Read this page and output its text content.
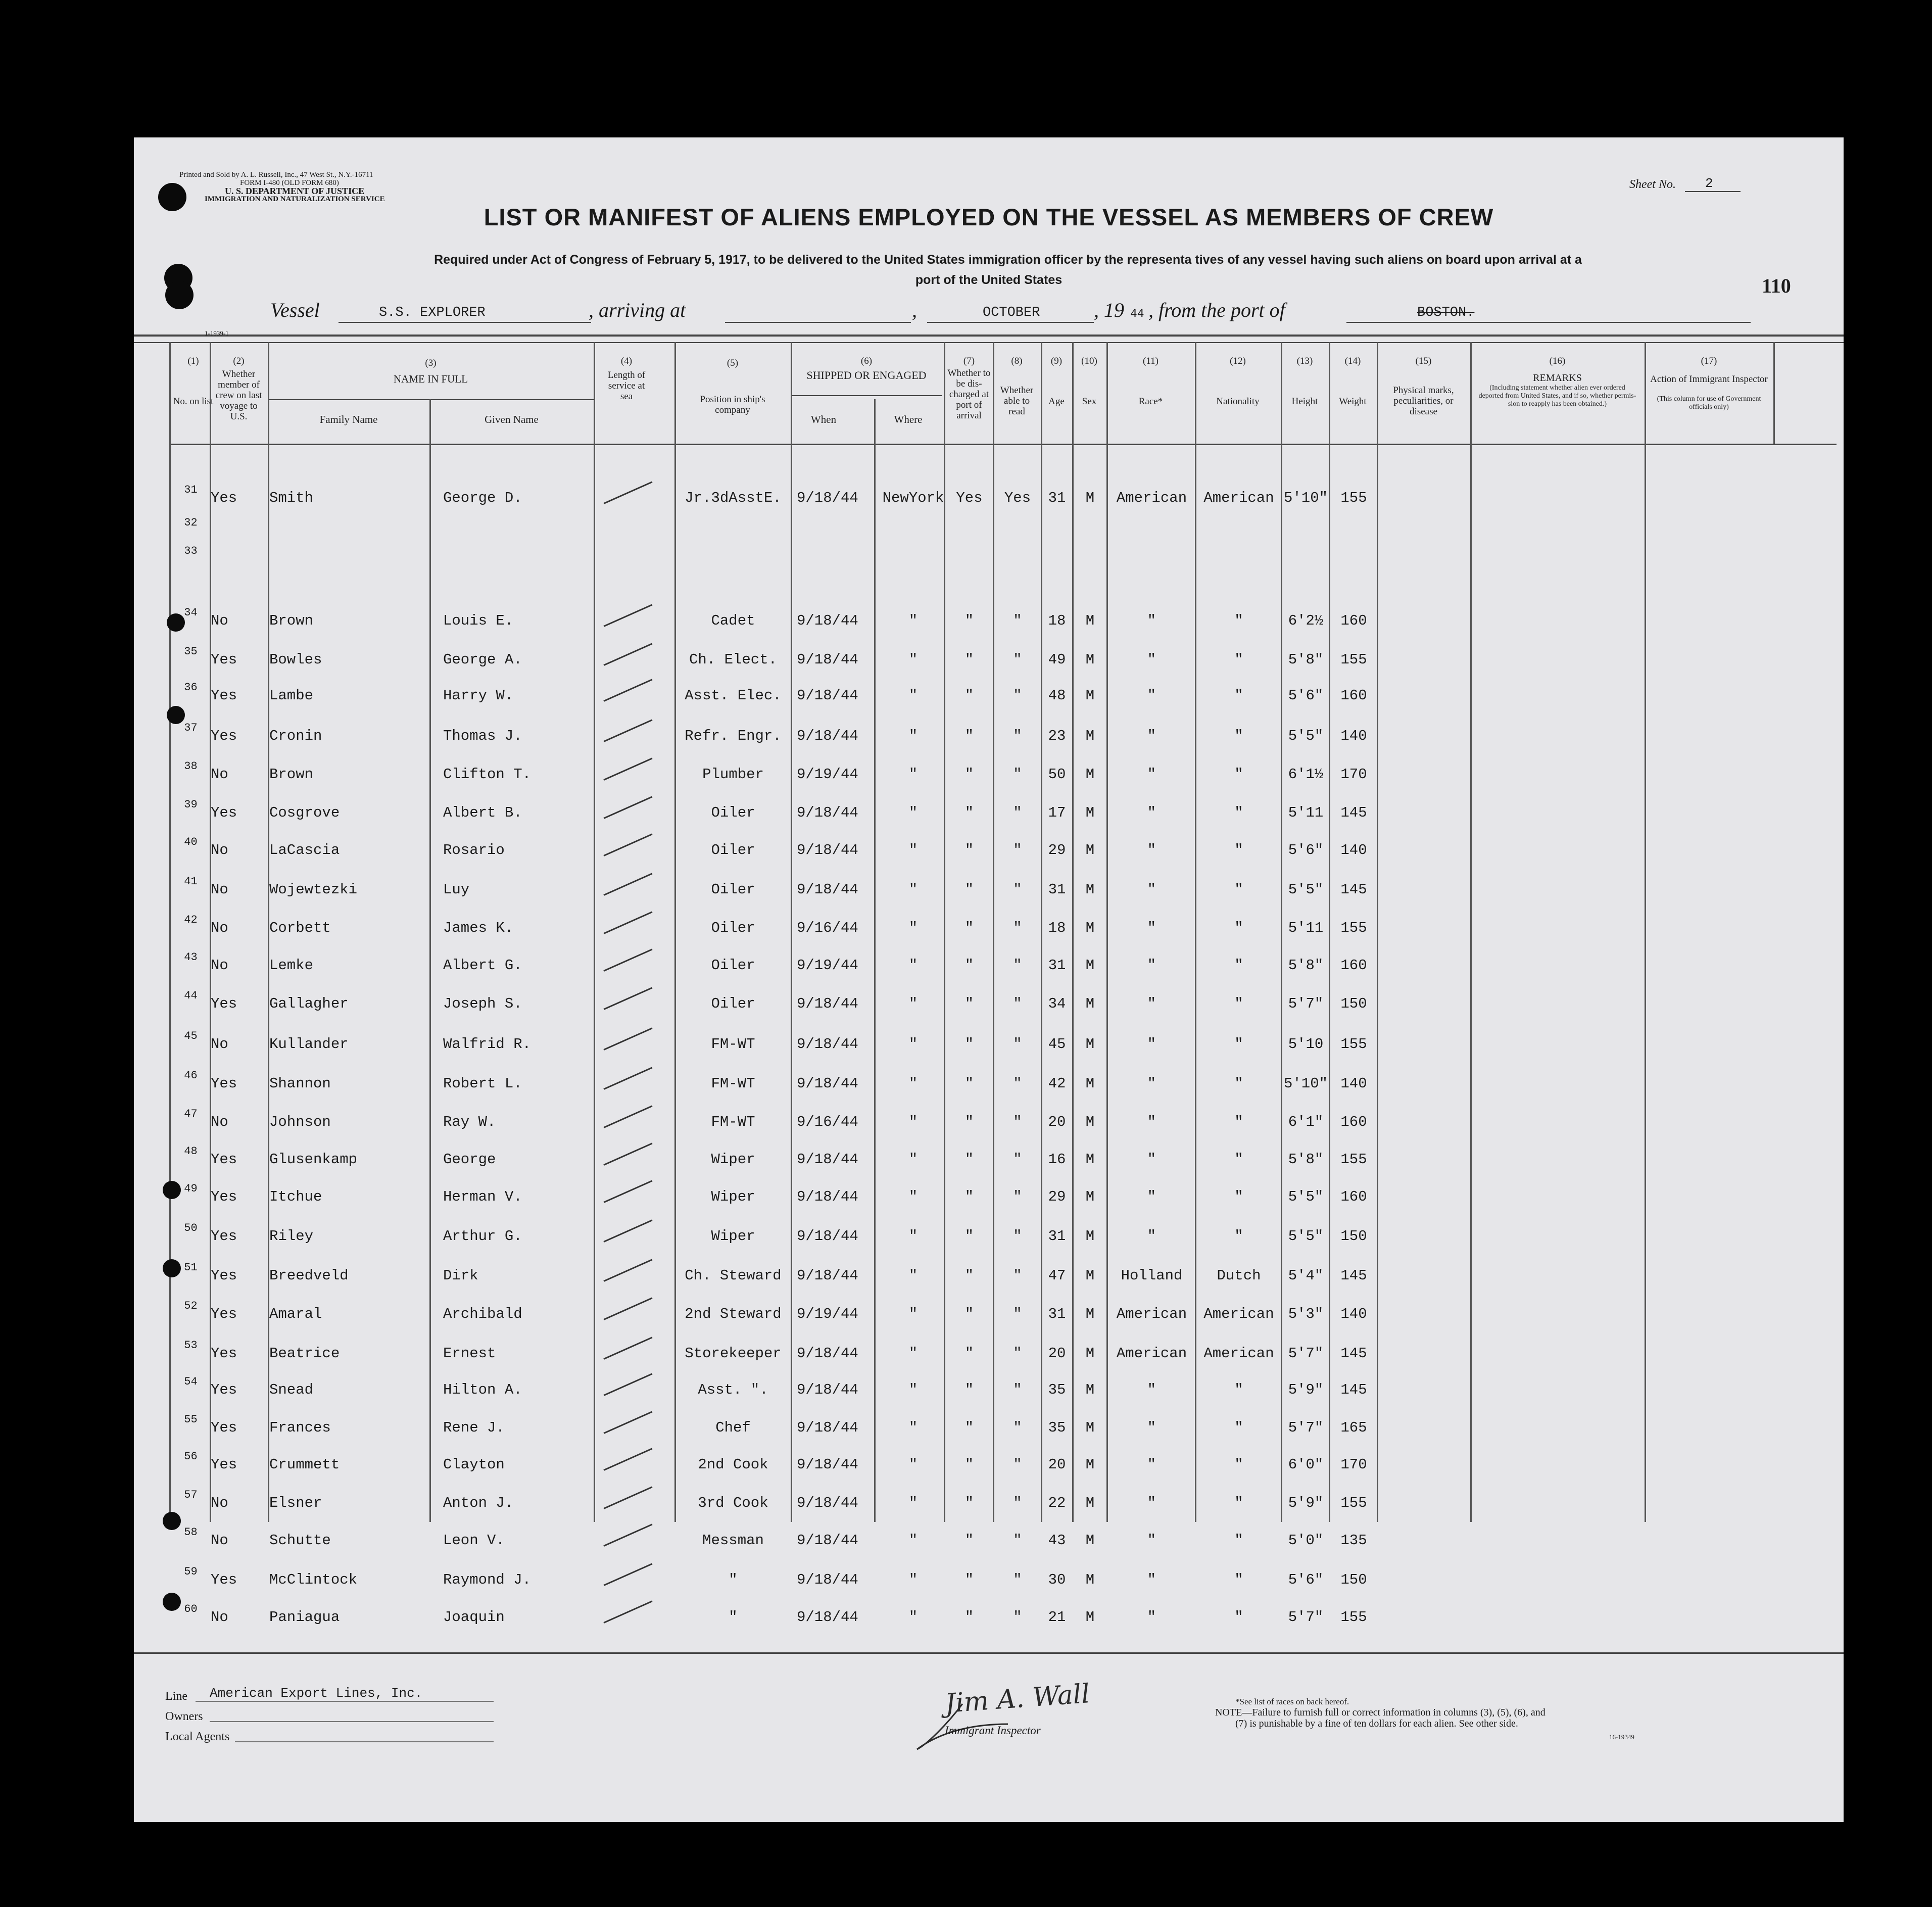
Printed and Sold by A. L. Russell, Inc., 47 West St., N.Y.-16711
FORM I-480 (OLD FORM 680)
U. S. DEPARTMENT OF JUSTICE
IMMIGRATION AND NATURALIZATION SERVICE
Sheet No. 2
LIST OR MANIFEST OF ALIENS EMPLOYED ON THE VESSEL AS MEMBERS OF CREW
Required under Act of Congress of February 5, 1917, to be delivered to the United States immigration officer by the representa tives of any vessel having such aliens on board upon arrival at a
port of the United States	110
Vessel	S.S. EXPLORER	, arriving at	,	OCTOBER	, 19 44 , from the port of	BOSTON.
1-1939-1
(1)
No. on list
(2)
Whether member of crew on last voyage to U.S.
(3)
NAME IN FULL
Family Name	Given Name
(4)
Length of service at sea
(5)
Position in ship's company
(6)
SHIPPED OR ENGAGED
When	Where
(7)
Whether to be dis- charged at port of arrival
(8)
Whether able to read
(9)
Age
(10)
Sex
(11)
Race*
(12)
Nationality
(13)
Height
(14)
Weight
(15)
Physical marks, peculiarities, or disease
(16)
REMARKS
(Including statement whether alien ever ordered deported from United States, and if so, whether permis- sion to reapply has been obtained.)
(17)
Action of Immigrant Inspector
(This column for use of Government officials only)
31 Yes	Smith	George D.	Jr.3dAsstE.	9/18/44	NewYork Yes	Yes	31	M	American	American 5'10" 155
32
33
34 No	Brown	Louis E.	Cadet	9/18/44	"	"	"	18	M	"	"	6'2½	160
35 Yes	Bowles	George A.	Ch. Elect.	9/18/44	"	"	"	49	M	"	"	5'8"	155
36 Yes	Lambe	Harry W.	Asst. Elec.	9/18/44	"	"	"	48	M	"	"	5'6"	160
37 Yes	Cronin	Thomas J.	Refr. Engr.	9/18/44	"	"	"	23	M	"	"	5'5"	140
38 No	Brown	Clifton T.	Plumber	9/19/44	"	"	"	50	M	"	"	6'1½	170
39 Yes	Cosgrove	Albert B.	Oiler	9/18/44	"	"	"	17	M	"	"	5'11	145
40 No	LaCascia	Rosario	Oiler	9/18/44	"	"	"	29	M	"	"	5'6"	140
41 No	Wojewtezki	Luy	Oiler	9/18/44	"	"	"	31	M	"	"	5'5"	145
42 No	Corbett	James K.	Oiler	9/16/44	"	"	"	18	M	"	"	5'11	155
43 No	Lemke	Albert G.	Oiler	9/19/44	"	"	"	31	M	"	"	5'8"	160
44 Yes	Gallagher	Joseph S.	Oiler	9/18/44	"	"	"	34	M	"	"	5'7"	150
45 No	Kullander	Walfrid R.	FM-WT	9/18/44	"	"	"	45	M	"	"	5'10	155
46 Yes	Shannon	Robert L.	FM-WT	9/18/44	"	"	"	42	M	"	"	5'10" 140
47 No	Johnson	Ray W.	FM-WT	9/16/44	"	"	"	20	M	"	"	6'1"	160
48 Yes	Glusenkamp	George	Wiper	9/18/44	"	"	"	16	M	"	"	5'8"	155
49 Yes	Itchue	Herman V.	Wiper	9/18/44	"	"	"	29	M	"	"	5'5"	160
50 Yes	Riley	Arthur G.	Wiper	9/18/44	"	"	"	31	M	"	"	5'5"	150
51 Yes	Breedveld	Dirk	Ch. Steward	9/18/44	"	"	"	47	M	Holland	Dutch	5'4"	145
52 Yes	Amaral	Archibald	2nd Steward	9/19/44	"	"	"	31	M	American	American 5'3"	140
53 Yes	Beatrice	Ernest	Storekeeper	9/18/44	"	"	"	20	M	American	American 5'7"	145
54 Yes	Snead	Hilton A.	Asst. ".	9/18/44	"	"	"	35	M	"	"	5'9"	145
55 Yes	Frances	Rene J.	Chef	9/18/44	"	"	"	35	M	"	"	5'7"	165
56 Yes	Crummett	Clayton	2nd Cook	9/18/44	"	"	"	20	M	"	"	6'0"	170
57 No	Elsner	Anton J.	3rd Cook	9/18/44	"	"	"	22	M	"	"	5'9"	155
58 No	Schutte	Leon V.	Messman	9/18/44	"	"	"	43	M	"	"	5'0"	135
59 Yes	McClintock	Raymond J.	"	9/18/44	"	"	"	30	M	"	"	5'6"	150
60 No	Paniagua	Joaquin	"	9/18/44	"	"	"	21	M	"	"	5'7"	155
Line American Export Lines, Inc.
Owners
Local Agents
Jim A. Wall
Immigrant Inspector
*See list of races on back hereof.
NOTE—Failure to furnish full or correct information in columns (3), (5), (6), and
(7) is punishable by a fine of ten dollars for each alien. See other side.
16-19349
